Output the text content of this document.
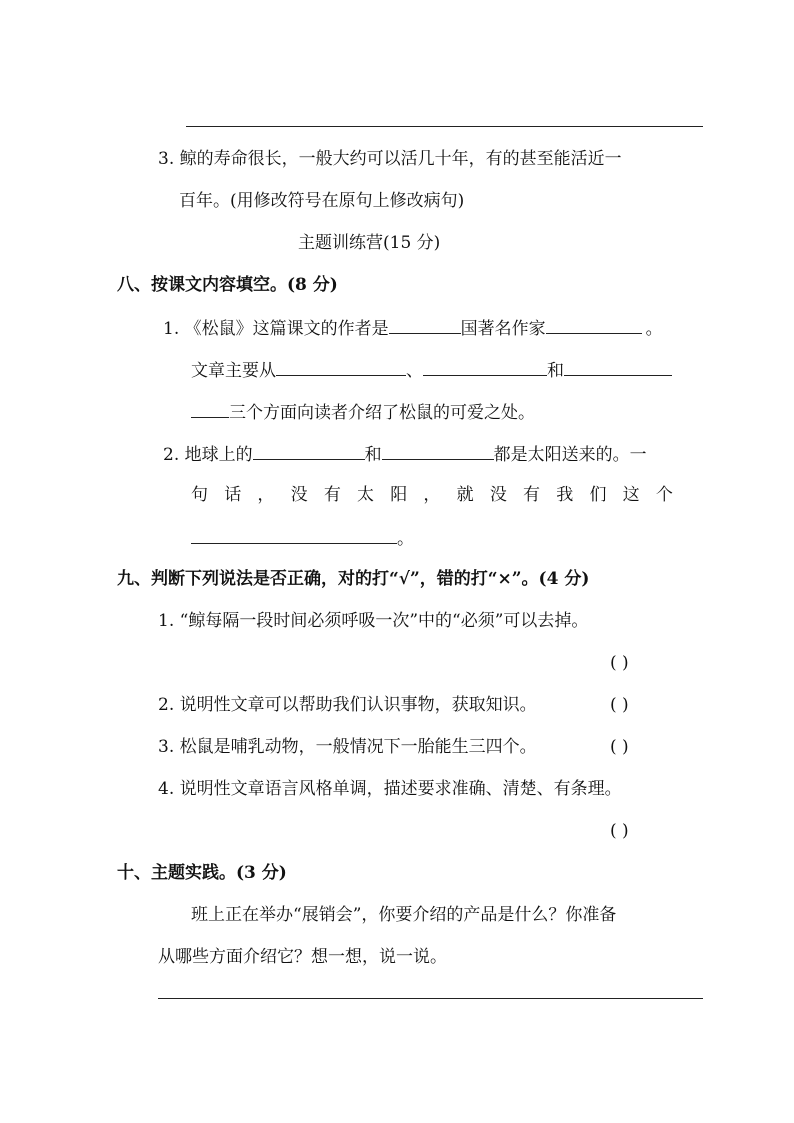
3. 鲸的寿命很长，一般大约可以活几十年，有的甚至能活近一
百年。(用修改符号在原句上修改病句)
主题训练营(15 分)
八、按课文内容填空。(8 分)
1. 《松鼠》这篇课文的作者是	国著名作家	。
文章主要从	、	和
三个方面向读者介绍了松鼠的可爱之处。
2. 地球上的	和	都是太阳送来的。一
句 话 ， 没 有 太 阳 ， 就 没 有 我 们 这 个
。
九、判断下列说法是否正确，对的打“√”，错的打“×”。(4 分)
1. “鲸每隔一段时间必须呼吸一次”中的“必须”可以去掉。
( )
2. 说明性文章可以帮助我们认识事物，获取知识。	( )
3. 松鼠是哺乳动物，一般情况下一胎能生三四个。	( )
4. 说明性文章语言风格单调，描述要求准确、清楚、有条理。
( )
十、主题实践。(3 分)
班上正在举办“展销会”，你要介绍的产品是什么？你准备
从哪些方面介绍它？想一想，说一说。
